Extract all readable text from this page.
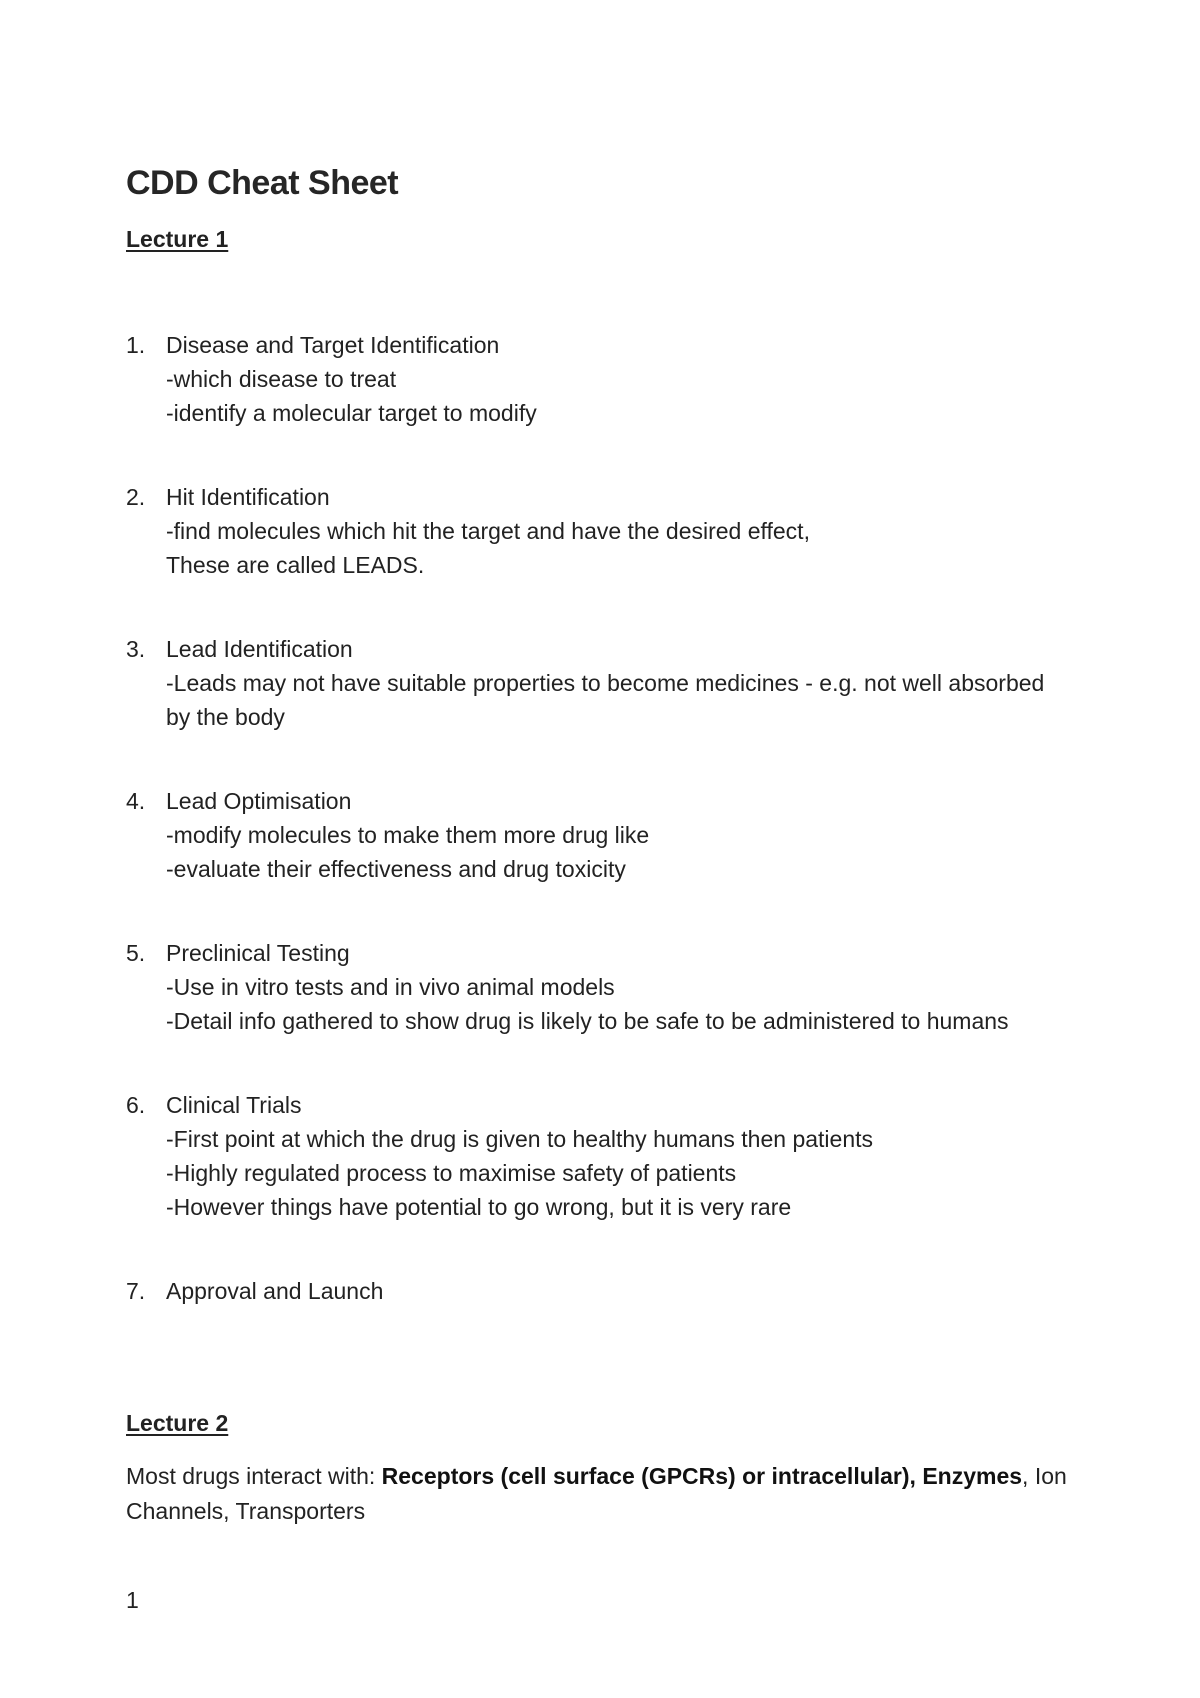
CDD Cheat Sheet
Lecture 1
1. Disease and Target Identification
-which disease to treat
-identify a molecular target to modify
2. Hit Identification
-find molecules which hit the target and have the desired effect,
These are called LEADS.
3. Lead Identification
-Leads may not have suitable properties to become medicines - e.g. not well absorbed by the body
4. Lead Optimisation
-modify molecules to make them more drug like
-evaluate their effectiveness and drug toxicity
5. Preclinical Testing
-Use in vitro tests and in vivo animal models
-Detail info gathered to show drug is likely to be safe to be administered to humans
6. Clinical Trials
-First point at which the drug is given to healthy humans then patients
-Highly regulated process to maximise safety of patients
-However things have potential to go wrong, but it is very rare
7. Approval and Launch
Lecture 2

Most drugs interact with: Receptors (cell surface (GPCRs) or intracellular), Enzymes, Ion Channels, Transporters

1
